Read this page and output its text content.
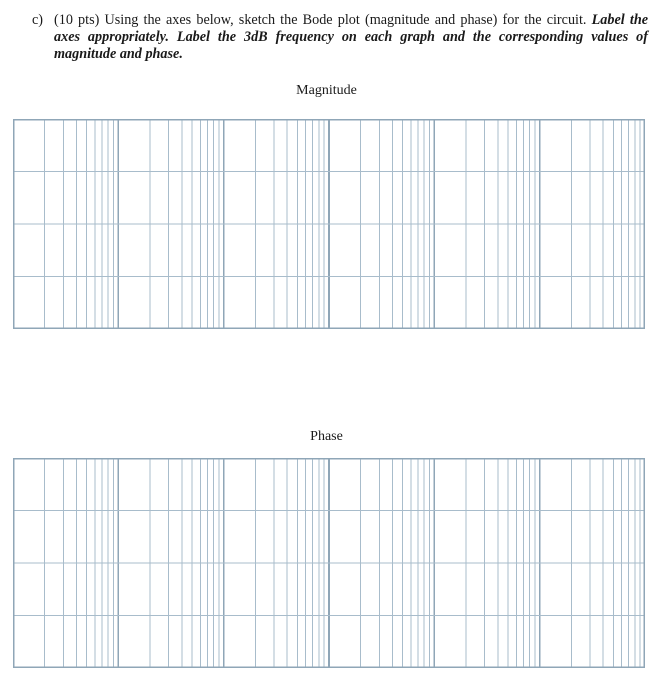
c) (10 pts) Using the axes below, sketch the Bode plot (magnitude and phase) for the circuit. Label the axes appropriately. Label the 3dB frequency on each graph and the corresponding values of magnitude and phase.
Magnitude
Phase
